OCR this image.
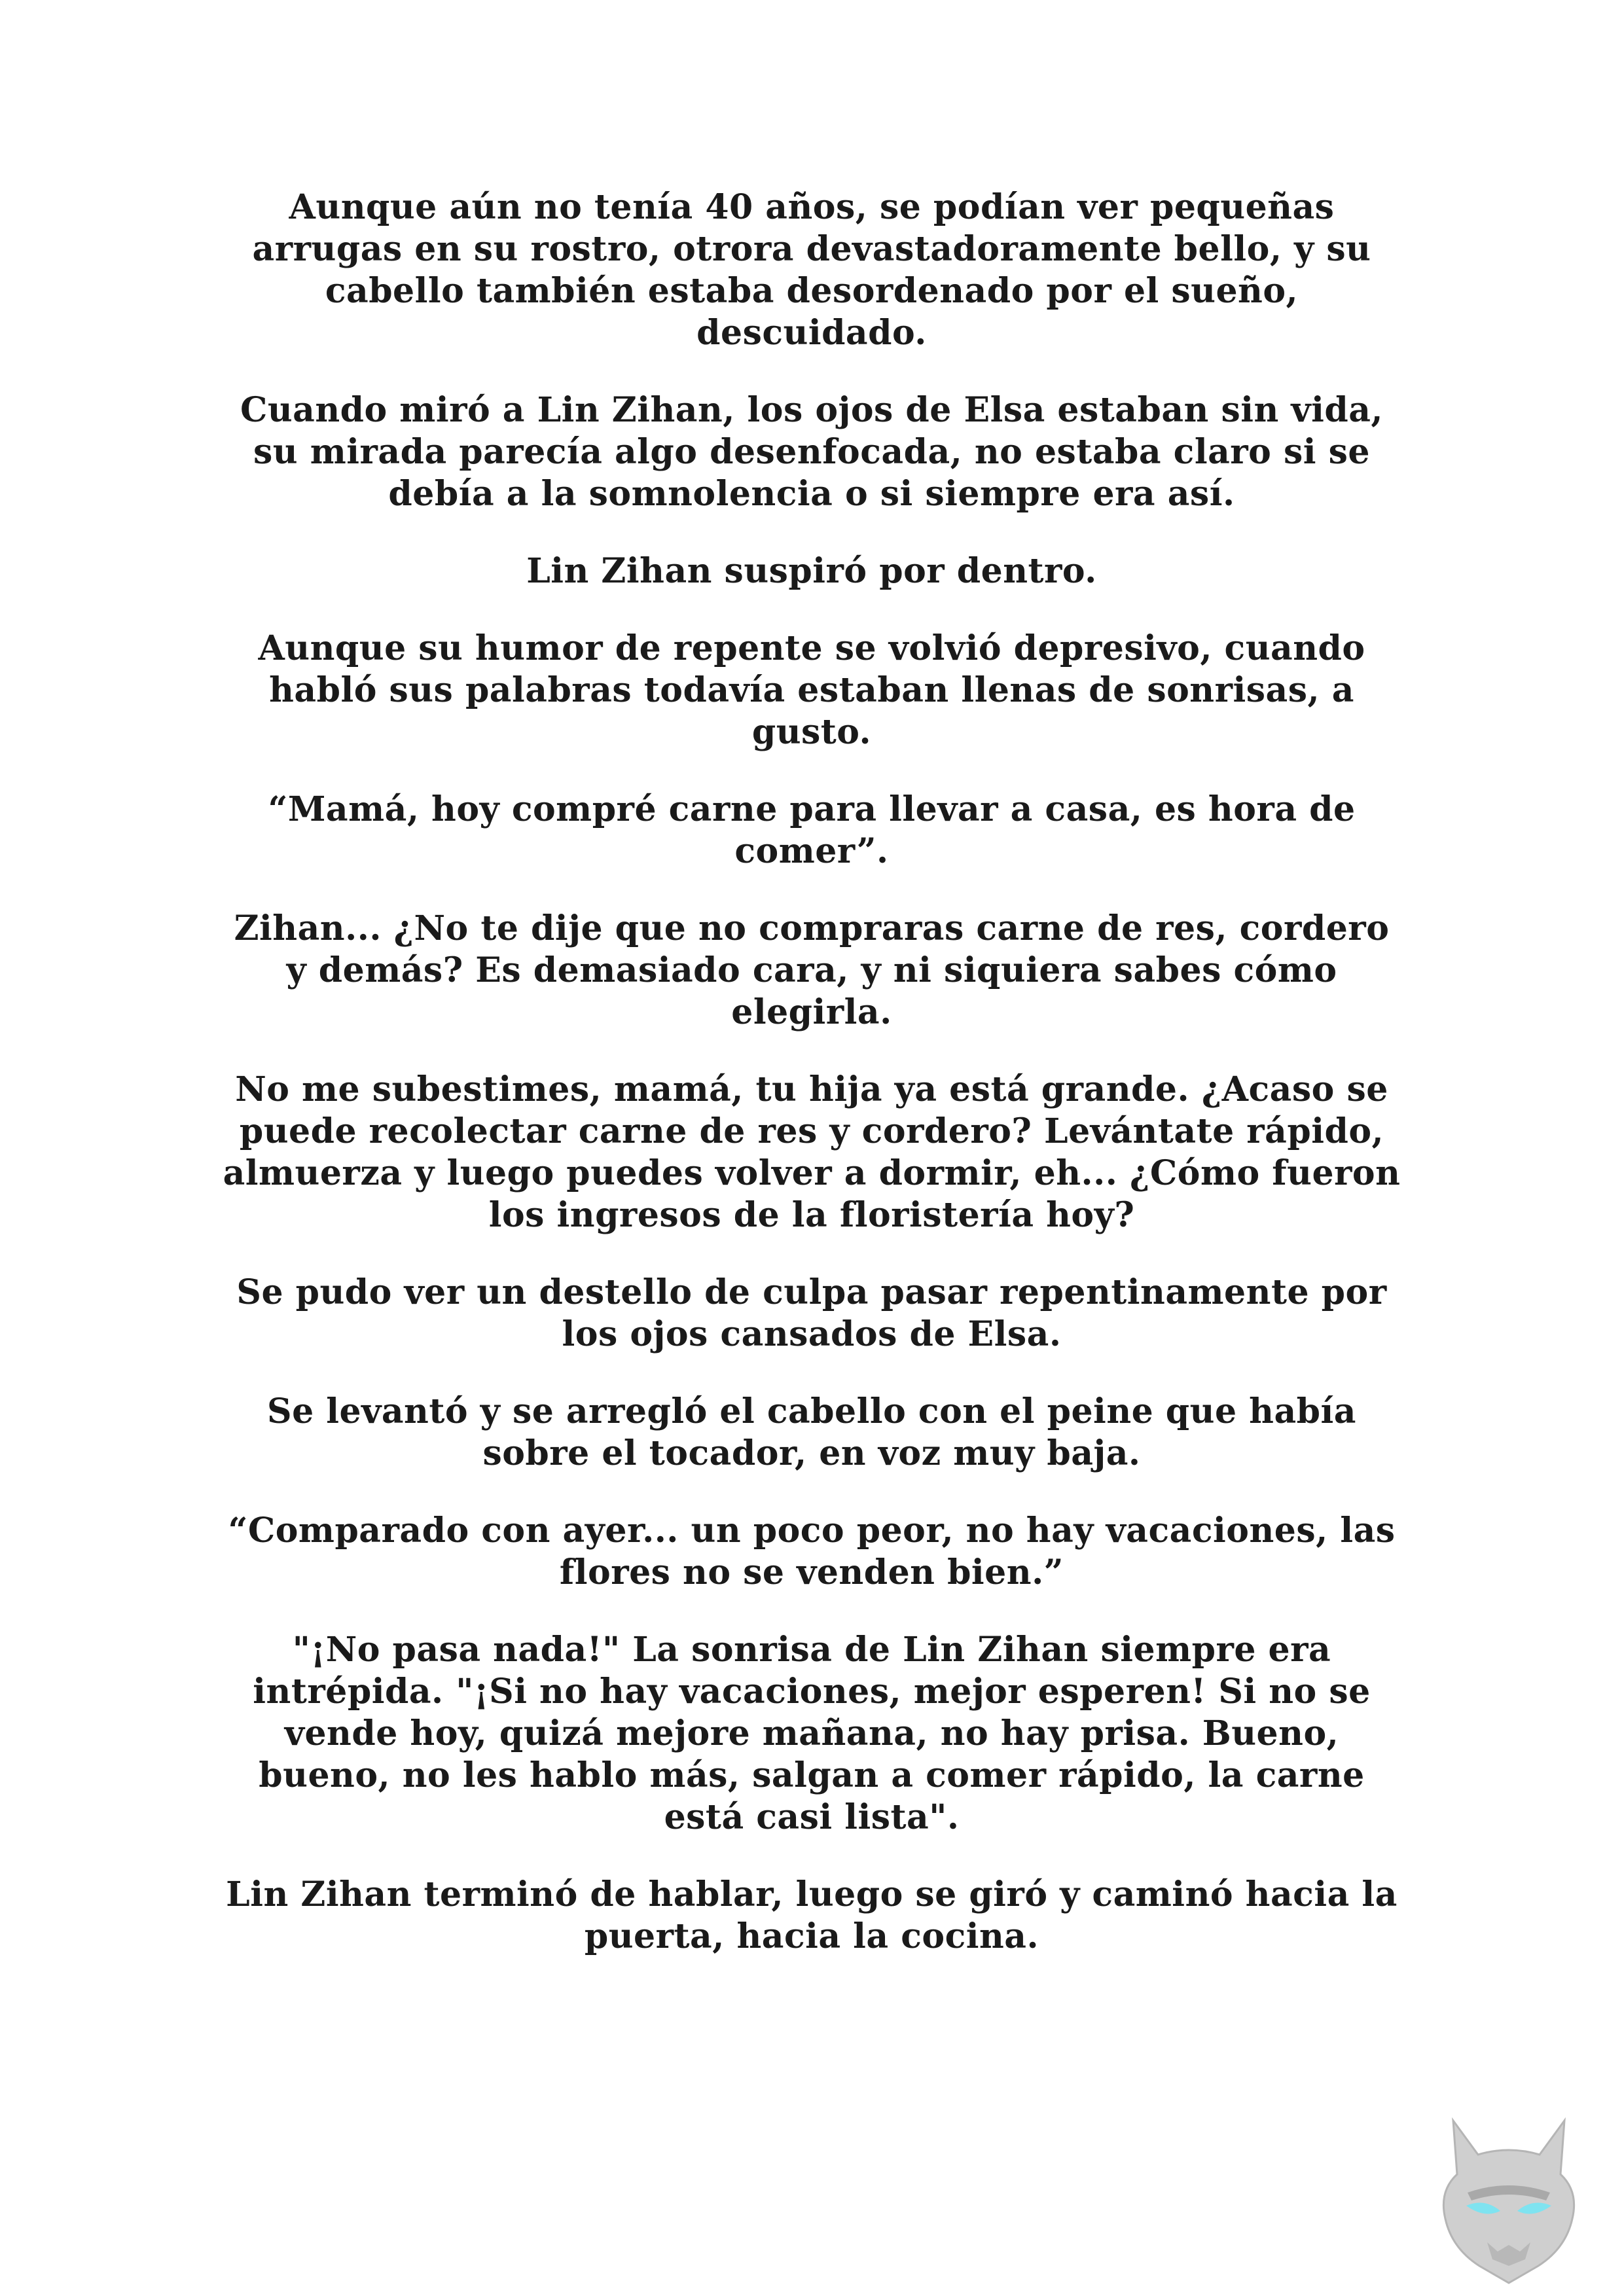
Aunque aún no tenía 40 años, se podían ver pequeñas arrugas en su rostro, otrora devastadoramente bello, y su cabello también estaba desordenado por el sueño, descuidado.

Cuando miró a Lin Zihan, los ojos de Elsa estaban sin vida, su mirada parecía algo desenfocada, no estaba claro si se debía a la somnolencia o si siempre era así.

Lin Zihan suspiró por dentro.

Aunque su humor de repente se volvió depresivo, cuando habló sus palabras todavía estaban llenas de sonrisas, a gusto.

“Mamá, hoy compré carne para llevar a casa, es hora de comer”.

Zihan... ¿No te dije que no compraras carne de res, cordero y demás? Es demasiado cara, y ni siquiera sabes cómo elegirla.

No me subestimes, mamá, tu hija ya está grande. ¿Acaso se puede recolectar carne de res y cordero? Levántate rápido, almuerza y luego puedes volver a dormir, eh... ¿Cómo fueron los ingresos de la floristería hoy?

Se pudo ver un destello de culpa pasar repentinamente por los ojos cansados de Elsa.

Se levantó y se arregló el cabello con el peine que había sobre el tocador, en voz muy baja.

“Comparado con ayer... un poco peor, no hay vacaciones, las flores no se venden bien.”

"¡No pasa nada!" La sonrisa de Lin Zihan siempre era intrépida. "¡Si no hay vacaciones, mejor esperen! Si no se vende hoy, quizá mejore mañana, no hay prisa. Bueno, bueno, no les hablo más, salgan a comer rápido, la carne está casi lista".

Lin Zihan terminó de hablar, luego se giró y caminó hacia la puerta, hacia la cocina.
